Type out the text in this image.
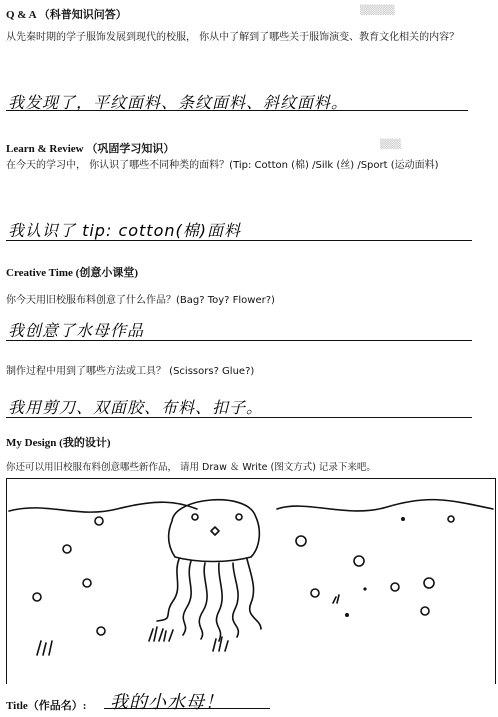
▒▒▒▒▒
▒▒▒
Q & A （科普知识问答）
从先秦时期的学子服饰发展到现代的校服， 你从中了解到了哪些关于服饰演变、教育文化相关的内容？
我发现了，平纹面料、条纹面料、斜纹面料。
Learn & Review （巩固学习知识）
在今天的学习中， 你认识了哪些不同种类的面料？(Tip: Cotton (棉) /Silk (丝) /Sport (运动面料)
我认识了 tip: cotton(棉)面料
Creative Time (创意小课堂)
你今天用旧校服布料创意了什么作品？(Bag? Toy? Flower?)
我创意了水母作品
制作过程中用到了哪些方法或工具？ (Scissors? Glue?)
我用剪刀、双面胶、布料、扣子。
My Design (我的设计)
你还可以用旧校服布料创意哪些新作品， 请用 Draw ＆ Write (图文方式) 记录下来吧。
Title（作品名）: 我的小水母！
